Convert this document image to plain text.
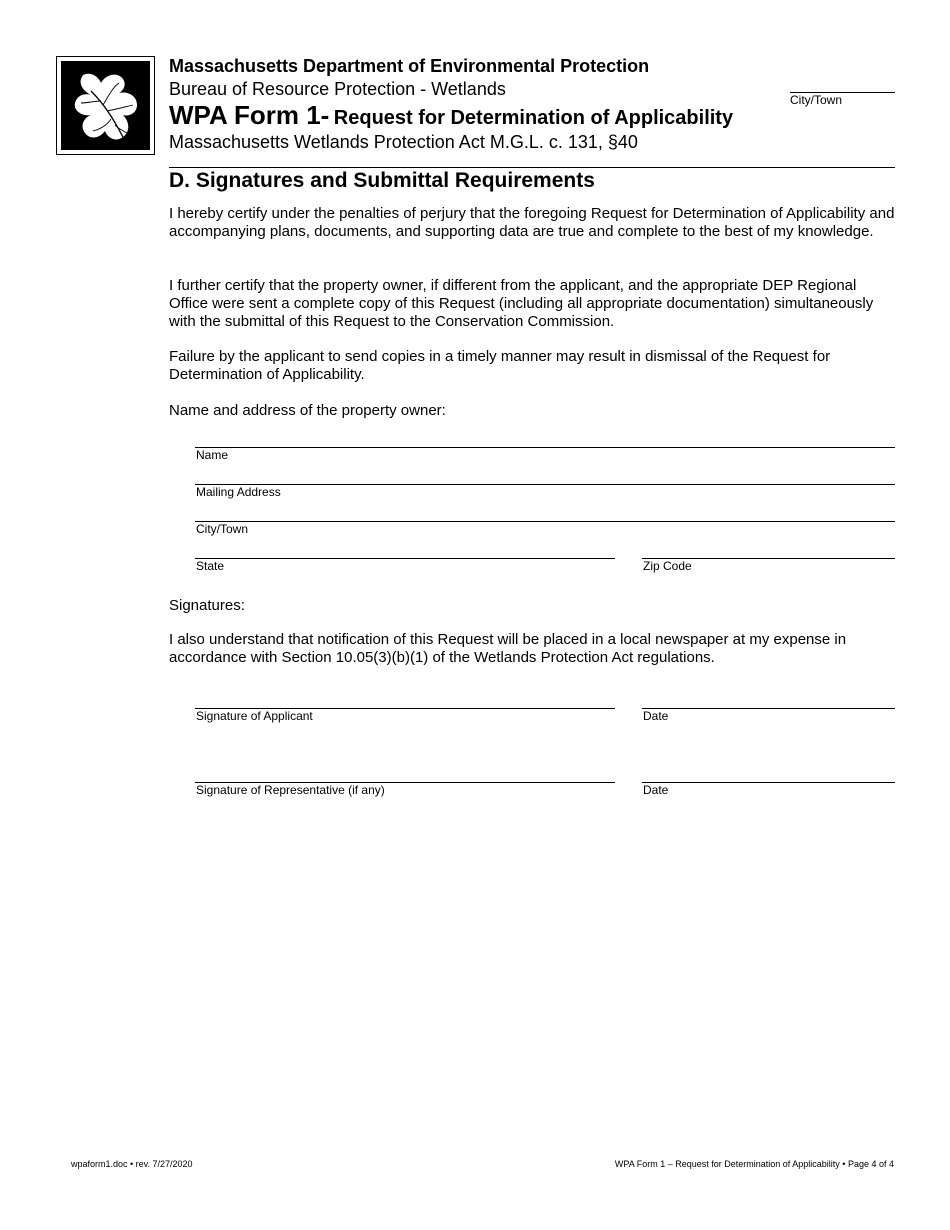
Massachusetts Department of Environmental Protection
Bureau of Resource Protection - Wetlands
WPA Form 1- Request for Determination of Applicability
Massachusetts Wetlands Protection Act M.G.L. c. 131, §40
City/Town
D. Signatures and Submittal Requirements
I hereby certify under the penalties of perjury that the foregoing Request for Determination of Applicability and accompanying plans, documents, and supporting data are true and complete to the best of my knowledge.
I further certify that the property owner, if different from the applicant, and the appropriate DEP Regional Office were sent a complete copy of this Request (including all appropriate documentation) simultaneously with the submittal of this Request to the Conservation Commission.
Failure by the applicant to send copies in a timely manner may result in dismissal of the Request for Determination of Applicability.
Name and address of the property owner:
Name
Mailing Address
City/Town
State	Zip Code
Signatures:
I also understand that notification of this Request will be placed in a local newspaper at my expense in accordance with Section 10.05(3)(b)(1) of the Wetlands Protection Act regulations.
Signature of Applicant	Date
Signature of Representative (if any)	Date
wpaform1.doc • rev. 7/27/2020	WPA Form 1 – Request for Determination of Applicability • Page 4 of 4
